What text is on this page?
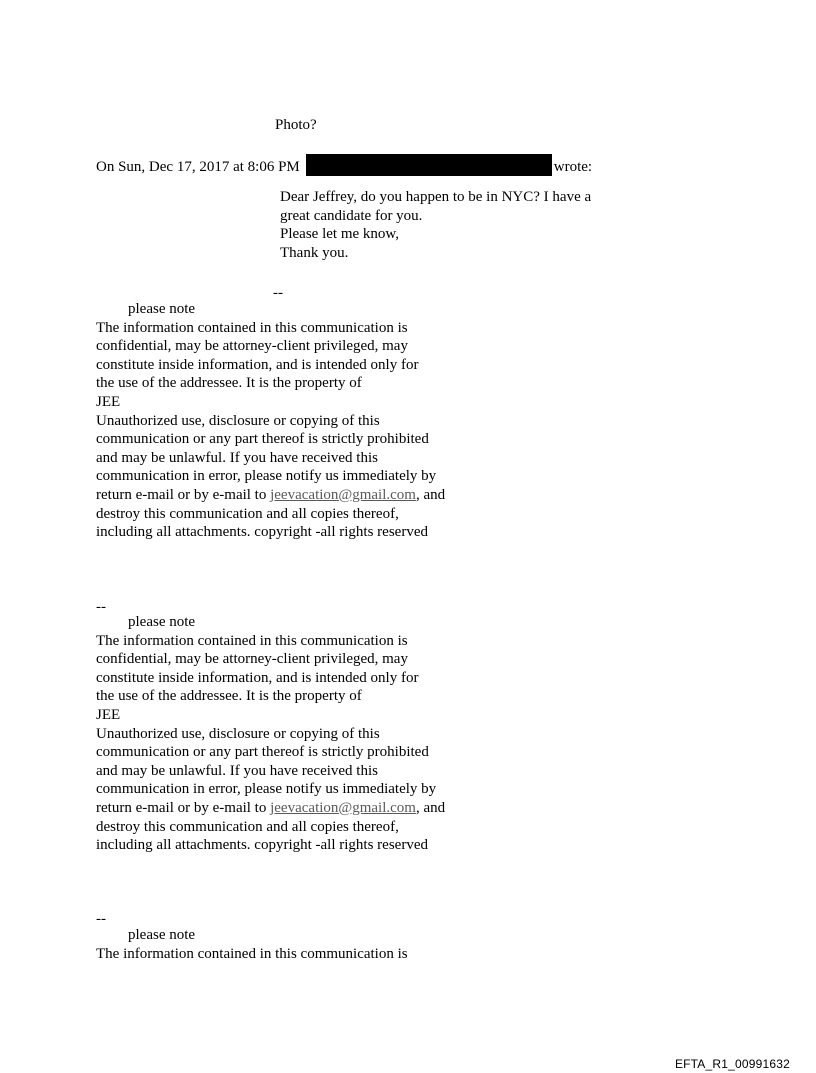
Photo?
On Sun, Dec 17, 2017 at 8:06 PM	wrote:
Dear Jeffrey, do you happen to be in NYC? I have a
great candidate for you.
Please let me know,
Thank you.
--
please note
The information contained in this communication is
confidential, may be attorney-client privileged, may
constitute inside information, and is intended only for
the use of the addressee. It is the property of
JEE
Unauthorized use, disclosure or copying of this
communication or any part thereof is strictly prohibited
and may be unlawful. If you have received this
communication in error, please notify us immediately by
return e-mail or by e-mail to jeevacation@gmail.com, and
destroy this communication and all copies thereof,
including all attachments. copyright -all rights reserved
--
please note
The information contained in this communication is
confidential, may be attorney-client privileged, may
constitute inside information, and is intended only for
the use of the addressee. It is the property of
JEE
Unauthorized use, disclosure or copying of this
communication or any part thereof is strictly prohibited
and may be unlawful. If you have received this
communication in error, please notify us immediately by
return e-mail or by e-mail to jeevacation@gmail.com, and
destroy this communication and all copies thereof,
including all attachments. copyright -all rights reserved
--
please note
The information contained in this communication is
EFTA_R1_00991632
